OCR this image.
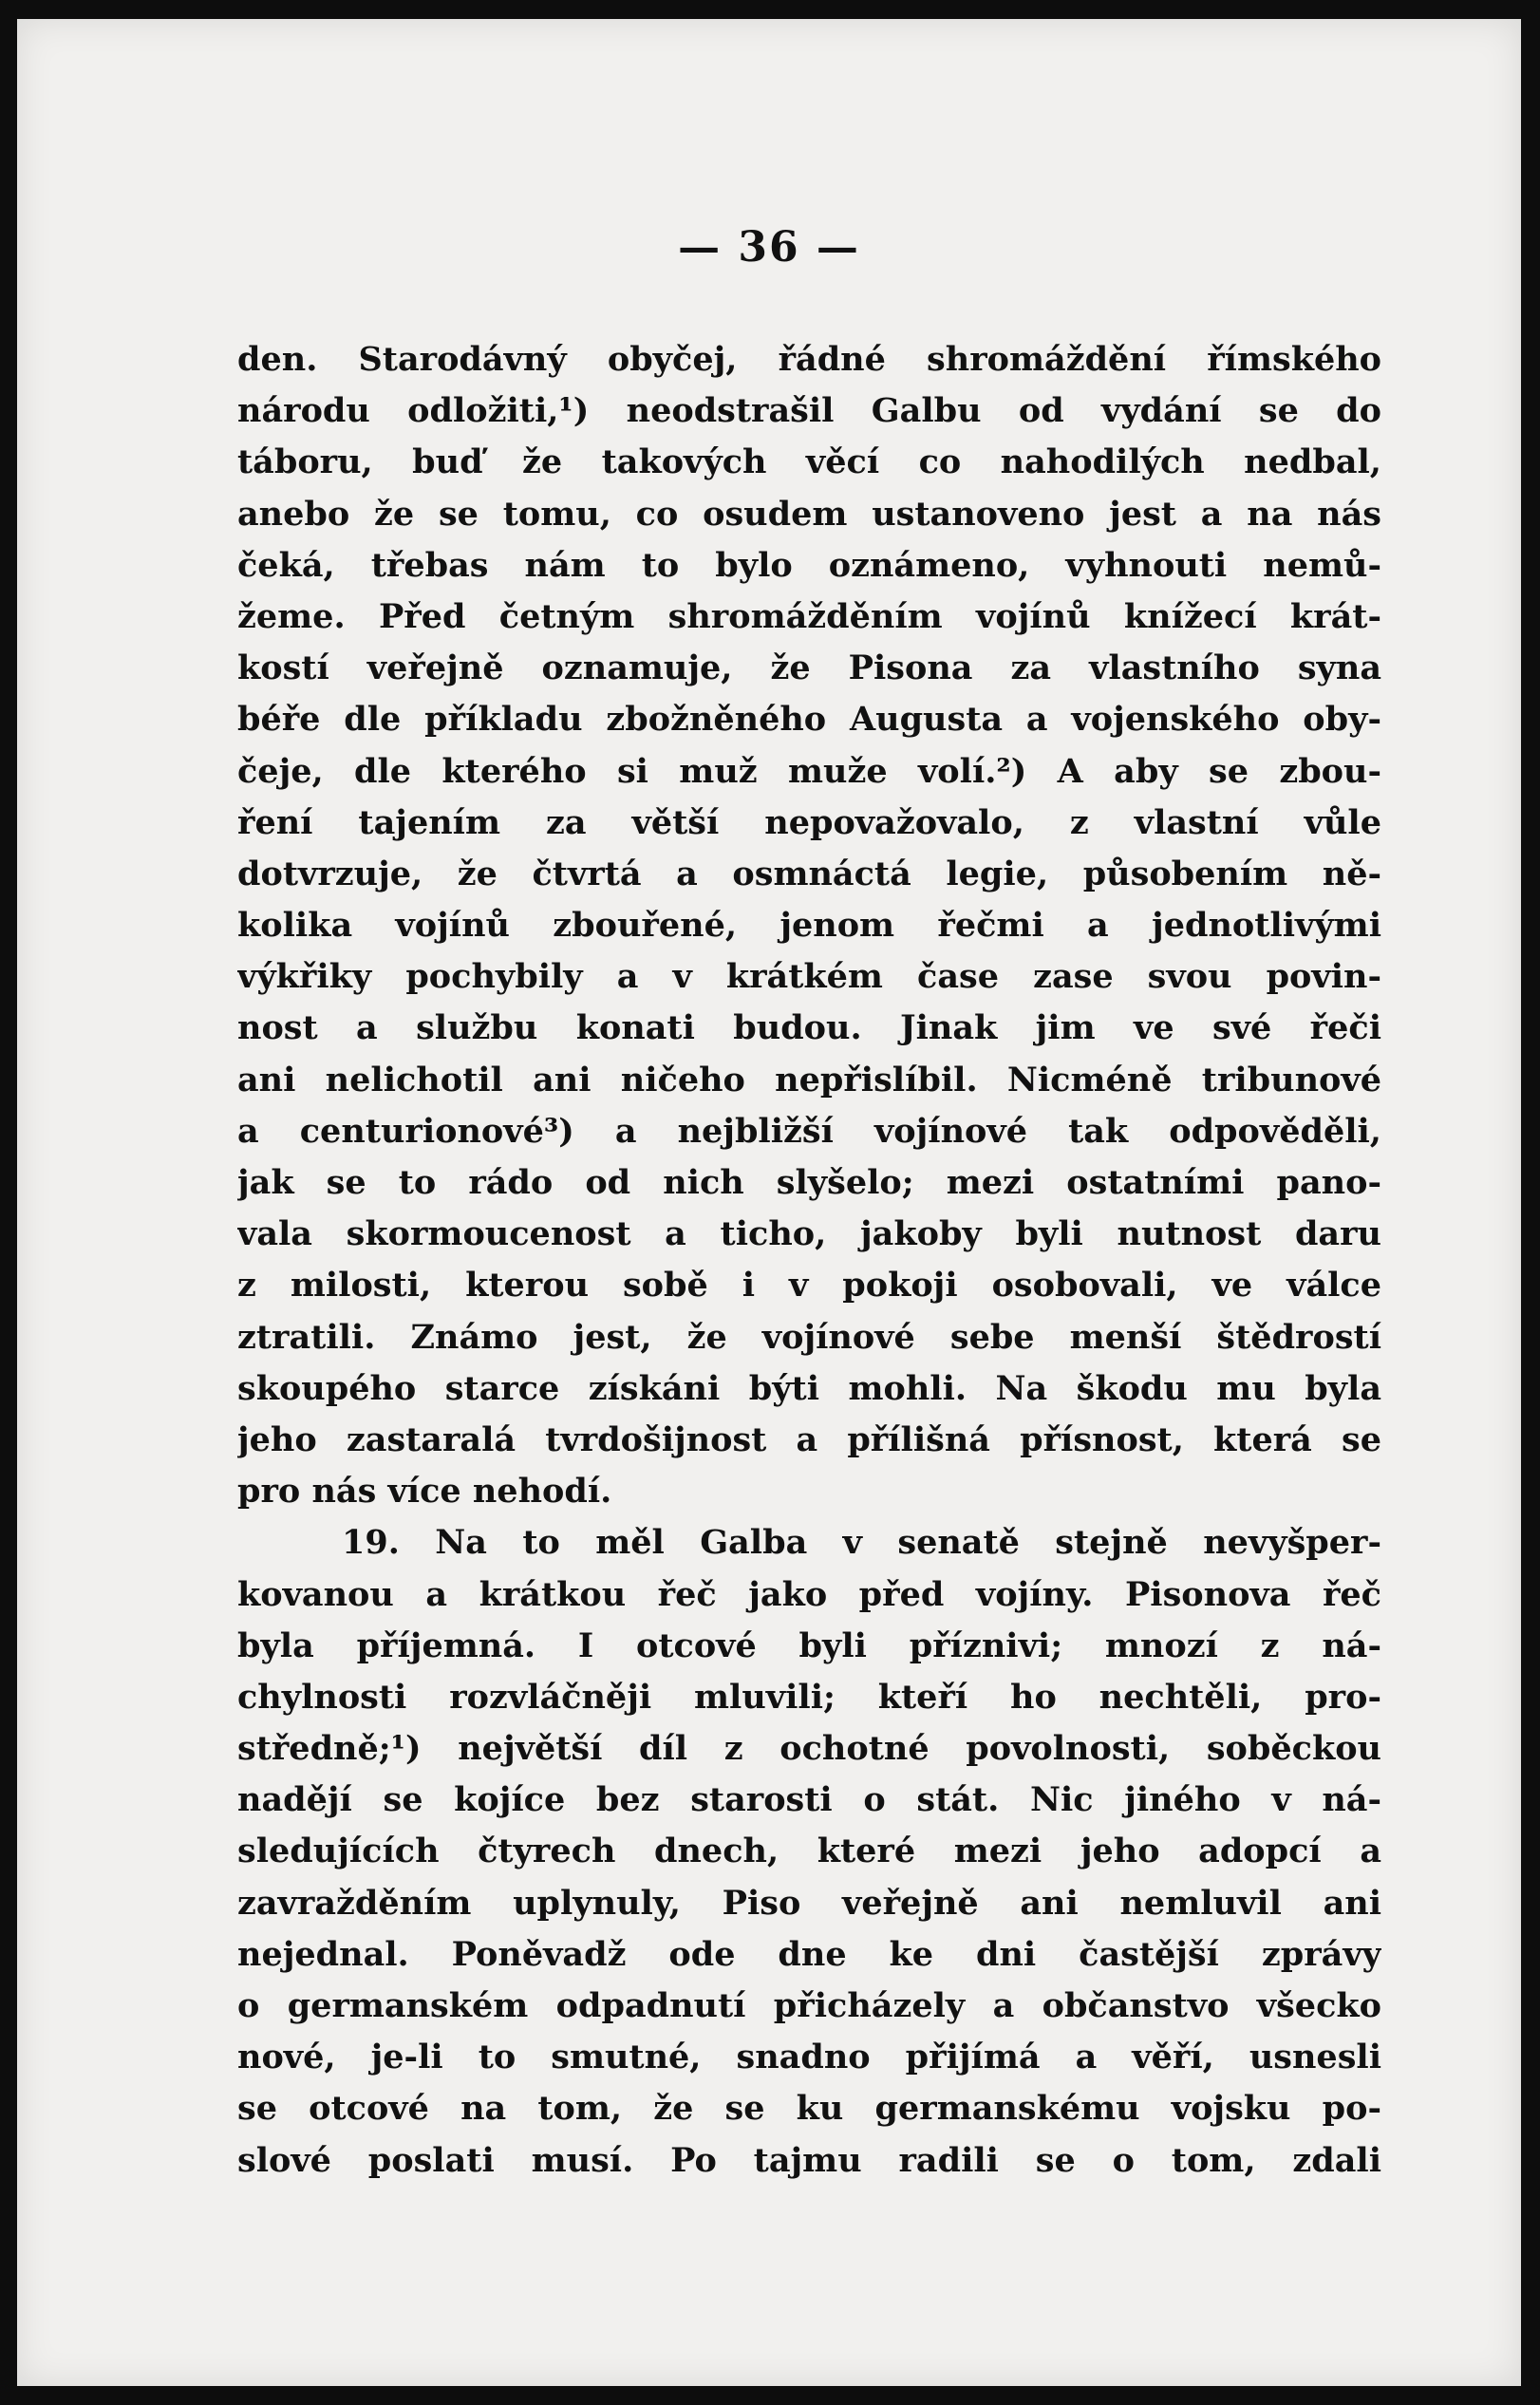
— 36 —
den. Starodávný obyčej, řádné shromáždění římského
národu odložiti,¹) neodstrašil Galbu od vydání se do
táboru, buď že takových věcí co nahodilých nedbal,
anebo že se tomu, co osudem ustanoveno jest a na nás
čeká, třebas nám to bylo oznámeno, vyhnouti nemů-
žeme. Před četným shromážděním vojínů knížecí krát-
kostí veřejně oznamuje, že Pisona za vlastního syna
béře dle příkladu zbožněného Augusta a vojenského oby-
čeje, dle kterého si muž muže volí.²) A aby se zbou-
ření tajením za větší nepovažovalo, z vlastní vůle
dotvrzuje, že čtvrtá a osmnáctá legie, působením ně-
kolika vojínů zbouřené, jenom řečmi a jednotlivými
výkřiky pochybily a v krátkém čase zase svou povin-
nost a službu konati budou. Jinak jim ve své řeči
ani nelichotil ani ničeho nepřislíbil. Nicméně tribunové
a centurionové³) a nejbližší vojínové tak odpověděli,
jak se to rádo od nich slyšelo; mezi ostatními pano-
vala skormoucenost a ticho, jakoby byli nutnost daru
z milosti, kterou sobě i v pokoji osobovali, ve válce
ztratili. Známo jest, že vojínové sebe menší štědrostí
skoupého starce získáni býti mohli. Na škodu mu byla
jeho zastaralá tvrdošijnost a přílišná přísnost, která se
pro nás více nehodí.
19. Na to měl Galba v senatě stejně nevyšper-
kovanou a krátkou řeč jako před vojíny. Pisonova řeč
byla příjemná. I otcové byli příznivi; mnozí z ná-
chylnosti rozvláčněji mluvili; kteří ho nechtěli, pro-
středně;¹) největší díl z ochotné povolnosti, soběckou
nadějí se kojíce bez starosti o stát. Nic jiného v ná-
sledujících čtyrech dnech, které mezi jeho adopcí a
zavražděním uplynuly, Piso veřejně ani nemluvil ani
nejednal. Poněvadž ode dne ke dni častější zprávy
o germanském odpadnutí přicházely a občanstvo všecko
nové, je-li to smutné, snadno přijímá a věří, usnesli
se otcové na tom, že se ku germanskému vojsku po-
slové poslati musí. Po tajmu radili se o tom, zdali
